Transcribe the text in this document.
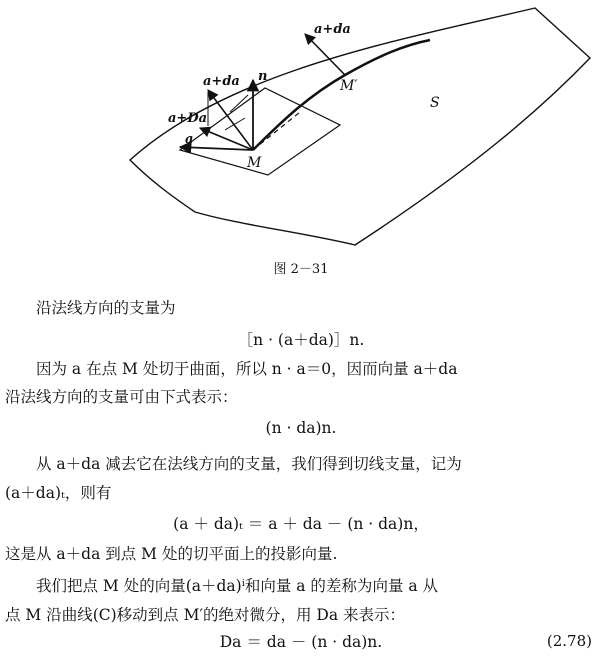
a+da
M′
S
a+da n
a+Da
a
M
图 2－31
沿法线方向的支量为
［n · (a＋da)］n.
因为 a 在点 M 处切于曲面，所以 n · a＝0，因而向量 a＋da
沿法线方向的支量可由下式表示：
(n · da)n.
从 a＋da 减去它在法线方向的支量，我们得到切线支量，记为
(a＋da)ₜ，则有
(a ＋ da)ₜ ＝ a ＋ da － (n · da)n，
这是从 a＋da 到点 M 处的切平面上的投影向量.
我们把点 M 处的向量(a＋da)ⁱ和向量 a 的差称为向量 a 从
点 M 沿曲线(C)移动到点 M′的绝对微分，用 Da 来表示：
Da ＝ da － (n · da)n.	(2.78)
